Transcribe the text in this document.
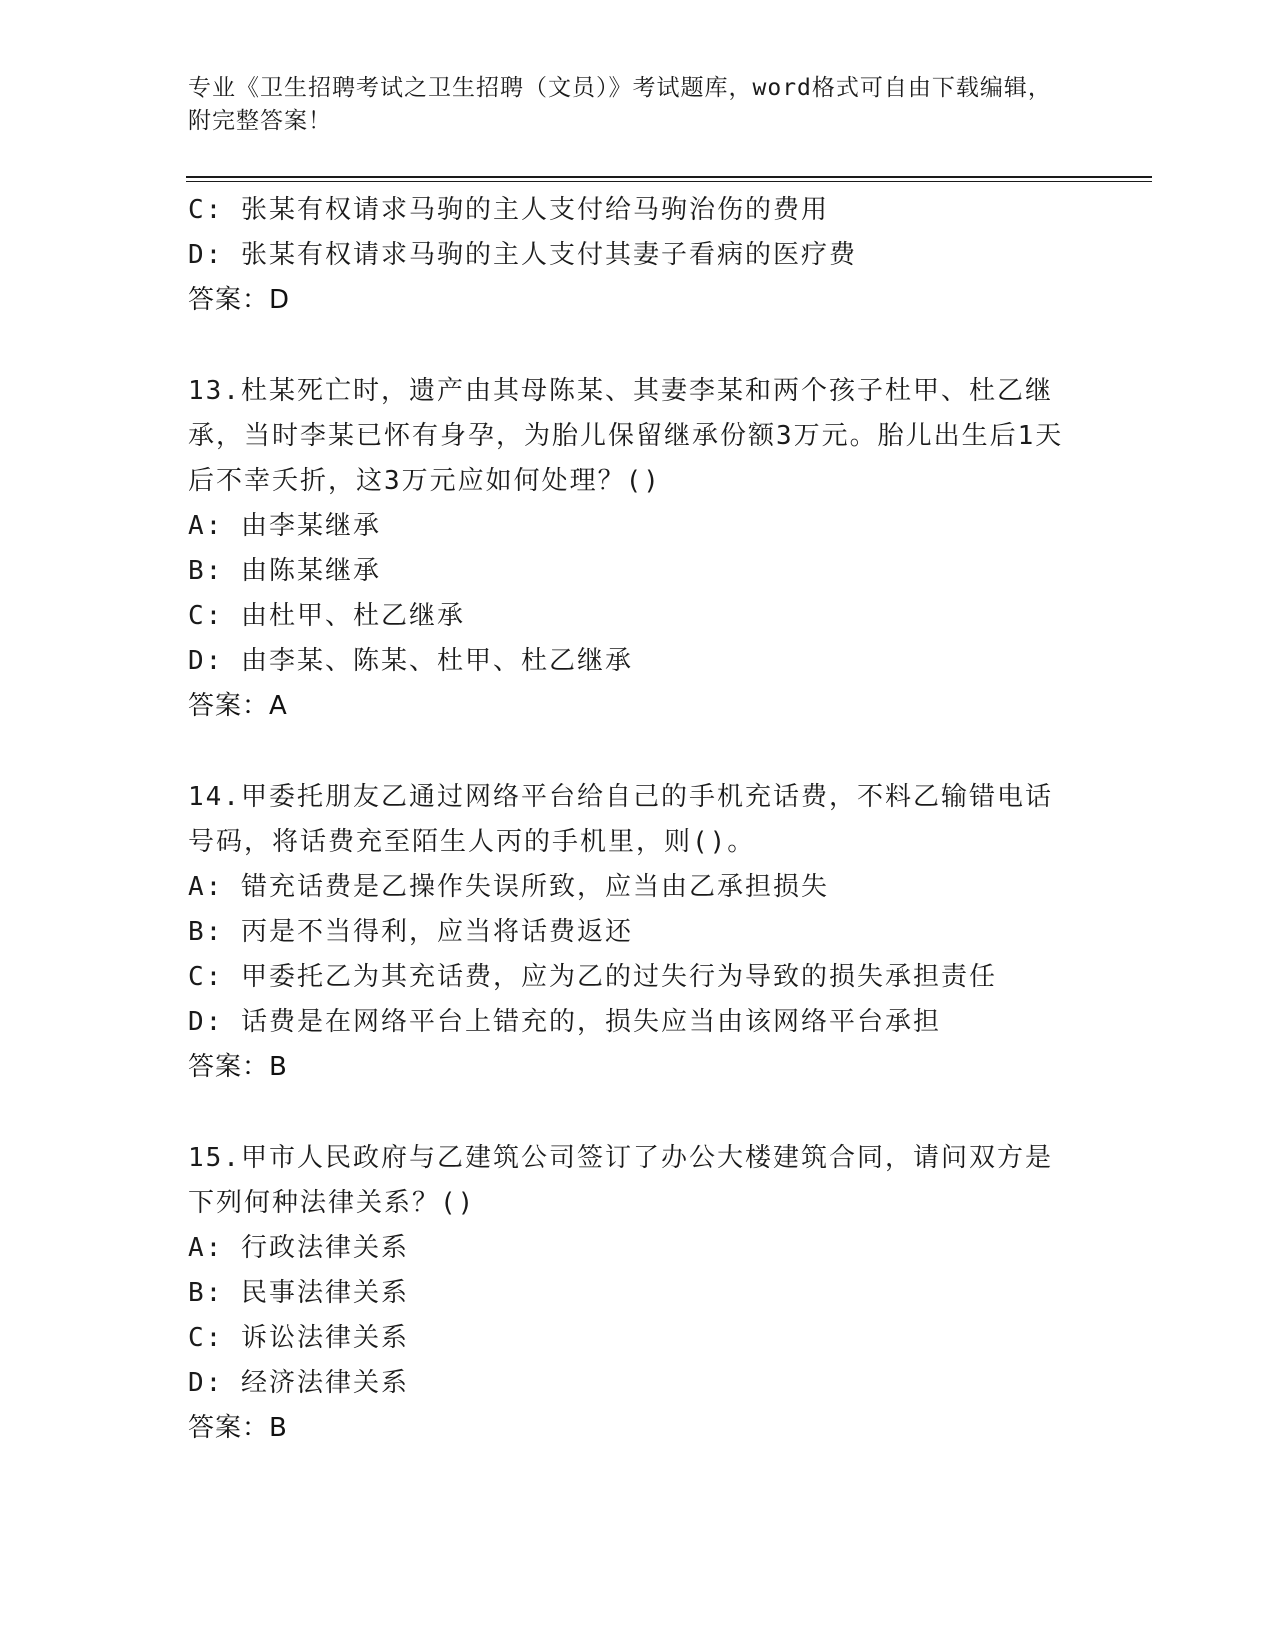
专业《卫生招聘考试之卫生招聘（文员）》考试题库，word格式可自由下载编辑，附完整答案！
C: 张某有权请求马驹的主人支付给马驹治伤的费用
D: 张某有权请求马驹的主人支付其妻子看病的医疗费
答案：D
13.杜某死亡时，遗产由其母陈某、其妻李某和两个孩子杜甲、杜乙继承，当时李某已怀有身孕，为胎儿保留继承份额3万元。胎儿出生后1天后不幸夭折，这3万元应如何处理？()
A: 由李某继承
B: 由陈某继承
C: 由杜甲、杜乙继承
D: 由李某、陈某、杜甲、杜乙继承
答案：A
14.甲委托朋友乙通过网络平台给自己的手机充话费，不料乙输错电话号码，将话费充至陌生人丙的手机里，则()。
A: 错充话费是乙操作失误所致，应当由乙承担损失
B: 丙是不当得利，应当将话费返还
C: 甲委托乙为其充话费，应为乙的过失行为导致的损失承担责任
D: 话费是在网络平台上错充的，损失应当由该网络平台承担
答案：B
15.甲市人民政府与乙建筑公司签订了办公大楼建筑合同，请问双方是下列何种法律关系？()
A: 行政法律关系
B: 民事法律关系
C: 诉讼法律关系
D: 经济法律关系
答案：B
